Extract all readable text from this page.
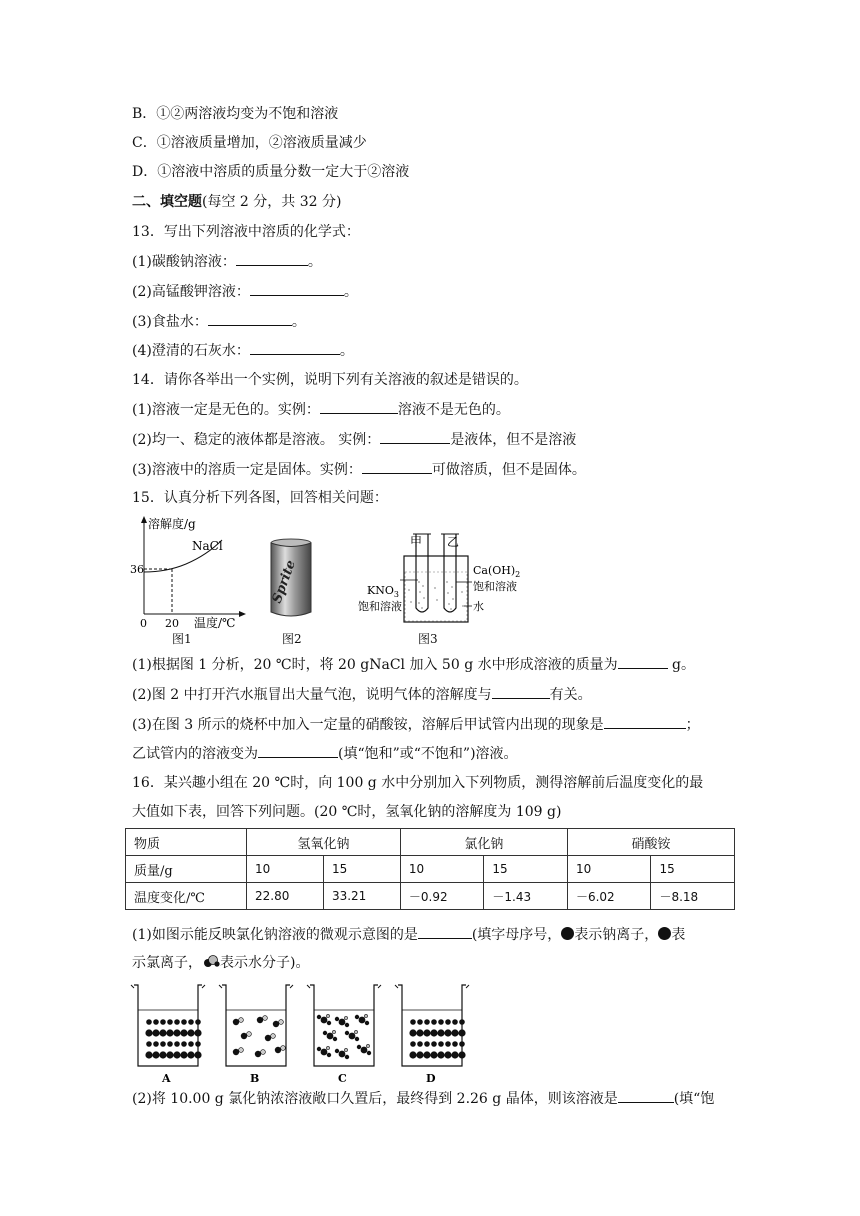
B．①②两溶液均变为不饱和溶液
C．①溶液质量增加，②溶液质量减少
D．①溶液中溶质的质量分数一定大于②溶液
二、填空题(每空 2 分，共 32 分)
13．写出下列溶液中溶质的化学式：
(1)碳酸钠溶液：	。
(2)高锰酸钾溶液：	。
(3)食盐水：	。
(4)澄清的石灰水：	。
14．请你各举出一个实例，说明下列有关溶液的叙述是错误的。
(1)溶液一定是无色的。实例：	溶液不是无色的。
(2)均一、稳定的液体都是溶液。 实例：	是液体，但不是溶液
(3)溶液中的溶质一定是固体。实例：	可做溶质，但不是固体。
15．认真分析下列各图，回答相关问题：
溶解度/g
NaCl
36
0 20 温度/℃
图1
Sprite
图2
甲 乙
$KNO_3$
饱和溶液
$Ca(OH)_2$
饱和溶液
水
图3
(1)根据图 1 分析，20 ℃时，将 20 gNaCl 加入 50 g 水中形成溶液的质量为	g。
(2)图 2 中打开汽水瓶冒出大量气泡，说明气体的溶解度与	有关。
(3)在图 3 所示的烧杯中加入一定量的硝酸铵，溶解后甲试管内出现的现象是	；
乙试管内的溶液变为	(填“饱和”或“不饱和”)溶液。
16．某兴趣小组在 20 ℃时，向 100 g 水中分别加入下列物质，测得溶解前后温度变化的最
大值如下表，回答下列问题。(20 ℃时，氢氧化钠的溶解度为 109 g)
物质	氢氧化钠		氯化钠		硝酸铵	
质量/g	10	15	10	15	10	15
温度变化/℃	22.80	33.21	－0.92	－1.43	－6.02	－8.18
(1)如图示能反映氯化钠溶液的微观示意图的是	(填字母序号， 表示钠离子， 表
示氯离子， 表示水分子)。
A	B	C	D
(2)将 10.00 g 氯化钠浓溶液敞口久置后，最终得到 2.26 g 晶体，则该溶液是	(填“饱
